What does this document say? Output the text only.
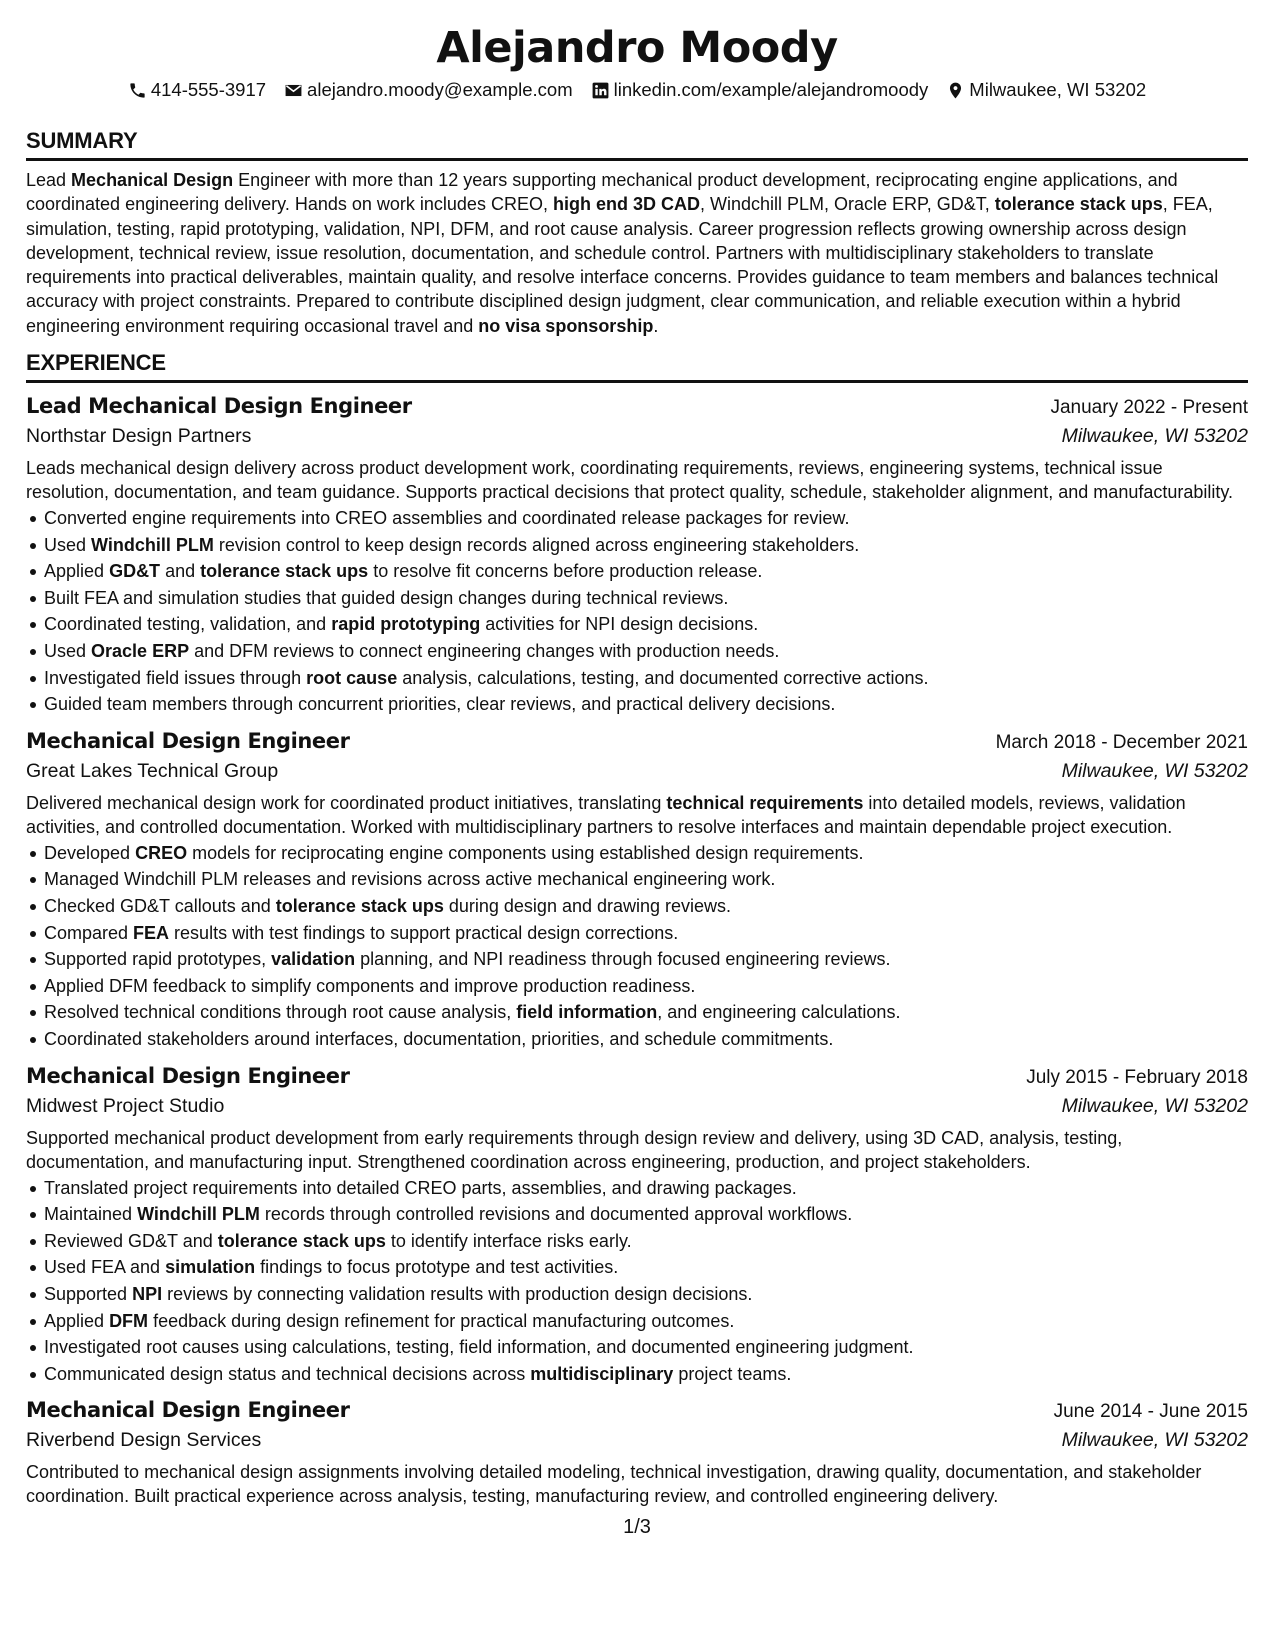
Alejandro Moody
414-555-3917 alejandro.moody@example.com linkedin.com/example/alejandromoody Milwaukee, WI 53202
SUMMARY
Lead Mechanical Design Engineer with more than 12 years supporting mechanical product development, reciprocating engine applications, and coordinated engineering delivery. Hands on work includes CREO, high end 3D CAD, Windchill PLM, Oracle ERP, GD&T, tolerance stack ups, FEA, simulation, testing, rapid prototyping, validation, NPI, DFM, and root cause analysis. Career progression reflects growing ownership across design development, technical review, issue resolution, documentation, and schedule control. Partners with multidisciplinary stakeholders to translate requirements into practical deliverables, maintain quality, and resolve interface concerns. Provides guidance to team members and balances technical accuracy with project constraints. Prepared to contribute disciplined design judgment, clear communication, and reliable execution within a hybrid engineering environment requiring occasional travel and no visa sponsorship.
EXPERIENCE
Lead Mechanical Design Engineer	January 2022 - Present
Northstar Design Partners	Milwaukee, WI 53202
Leads mechanical design delivery across product development work, coordinating requirements, reviews, engineering systems, technical issue resolution, documentation, and team guidance. Supports practical decisions that protect quality, schedule, stakeholder alignment, and manufacturability.
Converted engine requirements into CREO assemblies and coordinated release packages for review.
Used Windchill PLM revision control to keep design records aligned across engineering stakeholders.
Applied GD&T and tolerance stack ups to resolve fit concerns before production release.
Built FEA and simulation studies that guided design changes during technical reviews.
Coordinated testing, validation, and rapid prototyping activities for NPI design decisions.
Used Oracle ERP and DFM reviews to connect engineering changes with production needs.
Investigated field issues through root cause analysis, calculations, testing, and documented corrective actions.
Guided team members through concurrent priorities, clear reviews, and practical delivery decisions.
Mechanical Design Engineer	March 2018 - December 2021
Great Lakes Technical Group	Milwaukee, WI 53202
Delivered mechanical design work for coordinated product initiatives, translating technical requirements into detailed models, reviews, validation activities, and controlled documentation. Worked with multidisciplinary partners to resolve interfaces and maintain dependable project execution.
Developed CREO models for reciprocating engine components using established design requirements.
Managed Windchill PLM releases and revisions across active mechanical engineering work.
Checked GD&T callouts and tolerance stack ups during design and drawing reviews.
Compared FEA results with test findings to support practical design corrections.
Supported rapid prototypes, validation planning, and NPI readiness through focused engineering reviews.
Applied DFM feedback to simplify components and improve production readiness.
Resolved technical conditions through root cause analysis, field information, and engineering calculations.
Coordinated stakeholders around interfaces, documentation, priorities, and schedule commitments.
Mechanical Design Engineer	July 2015 - February 2018
Midwest Project Studio	Milwaukee, WI 53202
Supported mechanical product development from early requirements through design review and delivery, using 3D CAD, analysis, testing, documentation, and manufacturing input. Strengthened coordination across engineering, production, and project stakeholders.
Translated project requirements into detailed CREO parts, assemblies, and drawing packages.
Maintained Windchill PLM records through controlled revisions and documented approval workflows.
Reviewed GD&T and tolerance stack ups to identify interface risks early.
Used FEA and simulation findings to focus prototype and test activities.
Supported NPI reviews by connecting validation results with production design decisions.
Applied DFM feedback during design refinement for practical manufacturing outcomes.
Investigated root causes using calculations, testing, field information, and documented engineering judgment.
Communicated design status and technical decisions across multidisciplinary project teams.
Mechanical Design Engineer	June 2014 - June 2015
Riverbend Design Services	Milwaukee, WI 53202
Contributed to mechanical design assignments involving detailed modeling, technical investigation, drawing quality, documentation, and stakeholder coordination. Built practical experience across analysis, testing, manufacturing review, and controlled engineering delivery.
1/3
